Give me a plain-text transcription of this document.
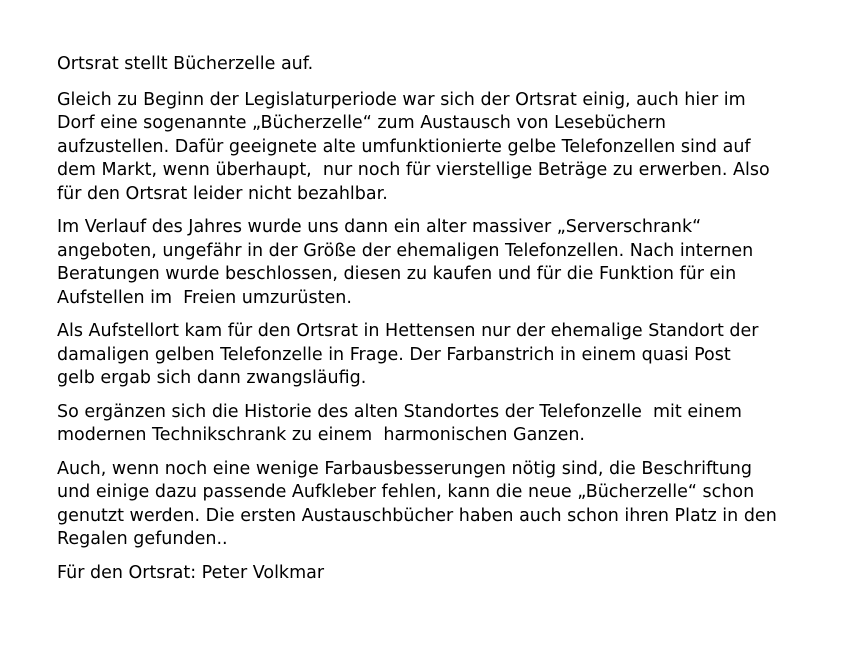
Ortsrat stellt Bücherzelle auf.

Gleich zu Beginn der Legislaturperiode war sich der Ortsrat einig, auch hier im

Dorf eine sogenannte „Bücherzelle“ zum Austausch von Lesebüchern

aufzustellen. Dafür geeignete alte umfunktionierte gelbe Telefonzellen sind auf

dem Markt, wenn überhaupt,  nur noch für vierstellige Beträge zu erwerben. Also

für den Ortsrat leider nicht bezahlbar.

Im Verlauf des Jahres wurde uns dann ein alter massiver „Serverschrank“

angeboten, ungefähr in der Größe der ehemaligen Telefonzellen. Nach internen

Beratungen wurde beschlossen, diesen zu kaufen und für die Funktion für ein

Aufstellen im  Freien umzurüsten.

Als Aufstellort kam für den Ortsrat in Hettensen nur der ehemalige Standort der

damaligen gelben Telefonzelle in Frage. Der Farbanstrich in einem quasi Post

gelb ergab sich dann zwangsläufig.

So ergänzen sich die Historie des alten Standortes der Telefonzelle  mit einem

modernen Technikschrank zu einem  harmonischen Ganzen.

Auch, wenn noch eine wenige Farbausbesserungen nötig sind, die Beschriftung

und einige dazu passende Aufkleber fehlen, kann die neue „Bücherzelle“ schon

genutzt werden. Die ersten Austauschbücher haben auch schon ihren Platz in den

Regalen gefunden..

Für den Ortsrat: Peter Volkmar
